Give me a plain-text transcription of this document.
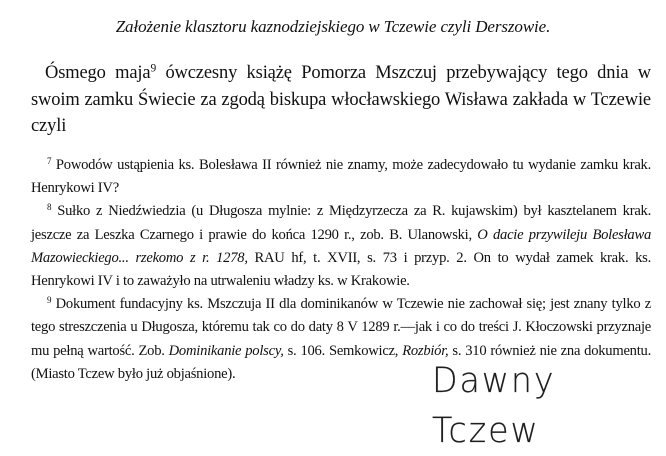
Założenie klasztoru kaznodziejskiego w Tczewie czyli Derszowie.

Ósmego maja$^9$ ówczesny książę Pomorza Mszczuj przebywający tego dnia w swoim zamku Świecie za zgodą biskupa włocławskiego Wisława zakłada w Tczewie czyli

$^7$ Powodów ustąpienia ks. Bolesława II również nie znamy, może zadecydowało tu wydanie zamku krak. Henrykowi IV?

$^8$ Sułko z Niedźwiedzia (u Długosza mylnie: z Międzyrzecza za R. kujawskim) był kasztelanem krak. jeszcze za Leszka Czarnego i prawie do końca 1290 r., zob. B. Ulanowski, O dacie przywileju Bolesława Mazowieckiego... rzekomo z r. 1278, RAU hf, t. XVII, s. 73 i przyp. 2. On to wydał zamek krak. ks. Henrykowi IV i to zaważyło na utrwaleniu władzy ks. w Krakowie.

$^9$ Dokument fundacyjny ks. Mszczuja II dla dominikanów w Tczewie nie zachował się; jest znany tylko z tego streszczenia u Długosza, któremu tak co do daty 8 V 1289 r.—jak i co do treści J. Kłoczowski przyznaje mu pełną wartość. Zob. Dominikanie polscy, s. 106. Semkowicz, Rozbiór, s. 310 również nie zna dokumentu. (Miasto Tczew było już objaśnione).	Dawny Tczew
